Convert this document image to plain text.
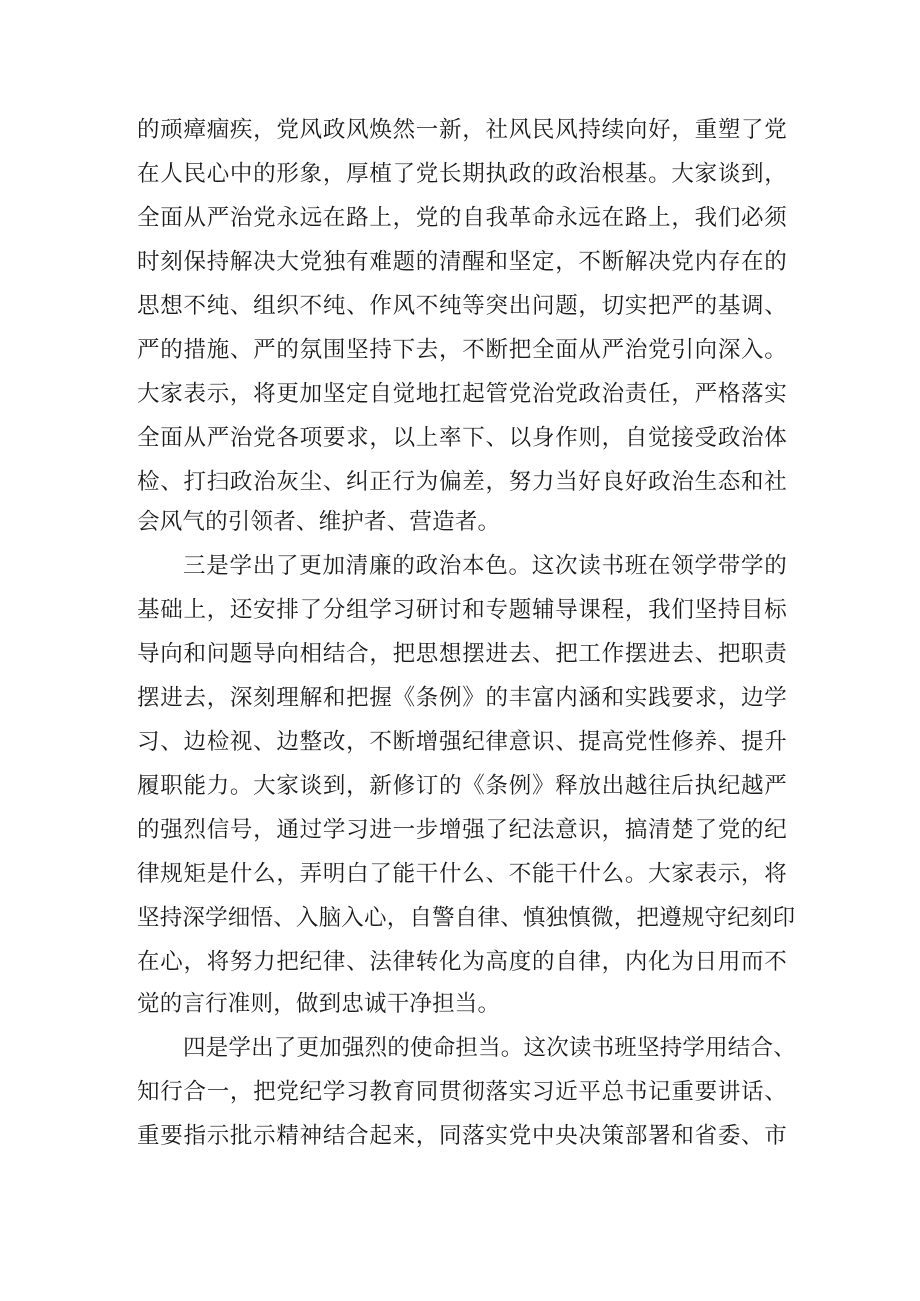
的顽瘴痼疾，党风政风焕然一新，社风民风持续向好，重塑了党
在人民心中的形象，厚植了党长期执政的政治根基。大家谈到，
全面从严治党永远在路上，党的自我革命永远在路上，我们必须
时刻保持解决大党独有难题的清醒和坚定，不断解决党内存在的
思想不纯、组织不纯、作风不纯等突出问题，切实把严的基调、
严的措施、严的氛围坚持下去，不断把全面从严治党引向深入。
大家表示，将更加坚定自觉地扛起管党治党政治责任，严格落实
全面从严治党各项要求，以上率下、以身作则，自觉接受政治体
检、打扫政治灰尘、纠正行为偏差，努力当好良好政治生态和社
会风气的引领者、维护者、营造者。
三是学出了更加清廉的政治本色。这次读书班在领学带学的
基础上，还安排了分组学习研讨和专题辅导课程，我们坚持目标
导向和问题导向相结合，把思想摆进去、把工作摆进去、把职责
摆进去，深刻理解和把握《条例》的丰富内涵和实践要求，边学
习、边检视、边整改，不断增强纪律意识、提高党性修养、提升
履职能力。大家谈到，新修订的《条例》释放出越往后执纪越严
的强烈信号，通过学习进一步增强了纪法意识，搞清楚了党的纪
律规矩是什么，弄明白了能干什么、不能干什么。大家表示，将
坚持深学细悟、入脑入心，自警自律、慎独慎微，把遵规守纪刻印
在心，将努力把纪律、法律转化为高度的自律，内化为日用而不
觉的言行准则，做到忠诚干净担当。
四是学出了更加强烈的使命担当。这次读书班坚持学用结合、
知行合一，把党纪学习教育同贯彻落实习近平总书记重要讲话、
重要指示批示精神结合起来，同落实党中央决策部署和省委、市
